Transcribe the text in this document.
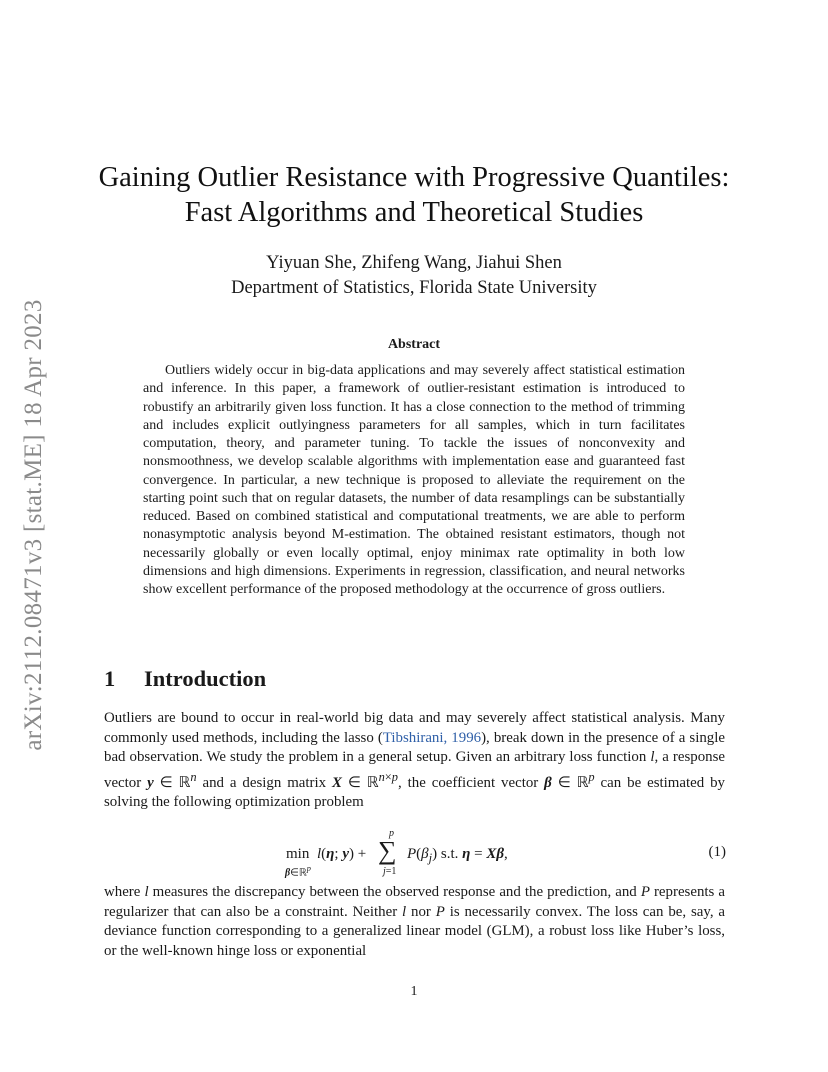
arXiv:2112.08471v3 [stat.ME] 18 Apr 2023
Gaining Outlier Resistance with Progressive Quantiles:
Fast Algorithms and Theoretical Studies
Yiyuan She, Zhifeng Wang, Jiahui Shen
Department of Statistics, Florida State University
Abstract
Outliers widely occur in big-data applications and may severely affect statistical estimation and inference. In this paper, a framework of outlier-resistant estimation is introduced to robustify an arbitrarily given loss function. It has a close connection to the method of trimming and includes explicit outlyingness parameters for all samples, which in turn facilitates computation, theory, and parameter tuning. To tackle the issues of nonconvexity and nonsmoothness, we develop scalable algorithms with implementation ease and guaranteed fast convergence. In particular, a new technique is proposed to alleviate the requirement on the starting point such that on regular datasets, the number of data resamplings can be substantially reduced. Based on combined statistical and computational treatments, we are able to perform nonasymptotic analysis beyond M-estimation. The obtained resistant estimators, though not necessarily globally or even locally optimal, enjoy minimax rate optimality in both low dimensions and high dimensions. Experiments in regression, classification, and neural networks show excellent performance of the proposed methodology at the occurrence of gross outliers.
1 Introduction
Outliers are bound to occur in real-world big data and may severely affect statistical analysis. Many commonly used methods, including the lasso (Tibshirani, 1996), break down in the presence of a single bad observation. We study the problem in a general setup. Given an arbitrary loss function l, a response vector y ∈ ℝ$^n$ and a design matrix X ∈ ℝ$^{n\times p}$, the coefficient vector β ∈ ℝ$^p$ can be estimated by solving the following optimization problem
min
β∈ℝ$^p$
l(η; y) + ∑
p
j=1
$P(\beta_j)$ s.t. η = Xβ,	(1)
where l measures the discrepancy between the observed response and the prediction, and P represents a regularizer that can also be a constraint. Neither l nor P is necessarily convex. The loss can be, say, a deviance function corresponding to a generalized linear model (GLM), a robust loss like Huber’s loss, or the well-known hinge loss or exponential
1
